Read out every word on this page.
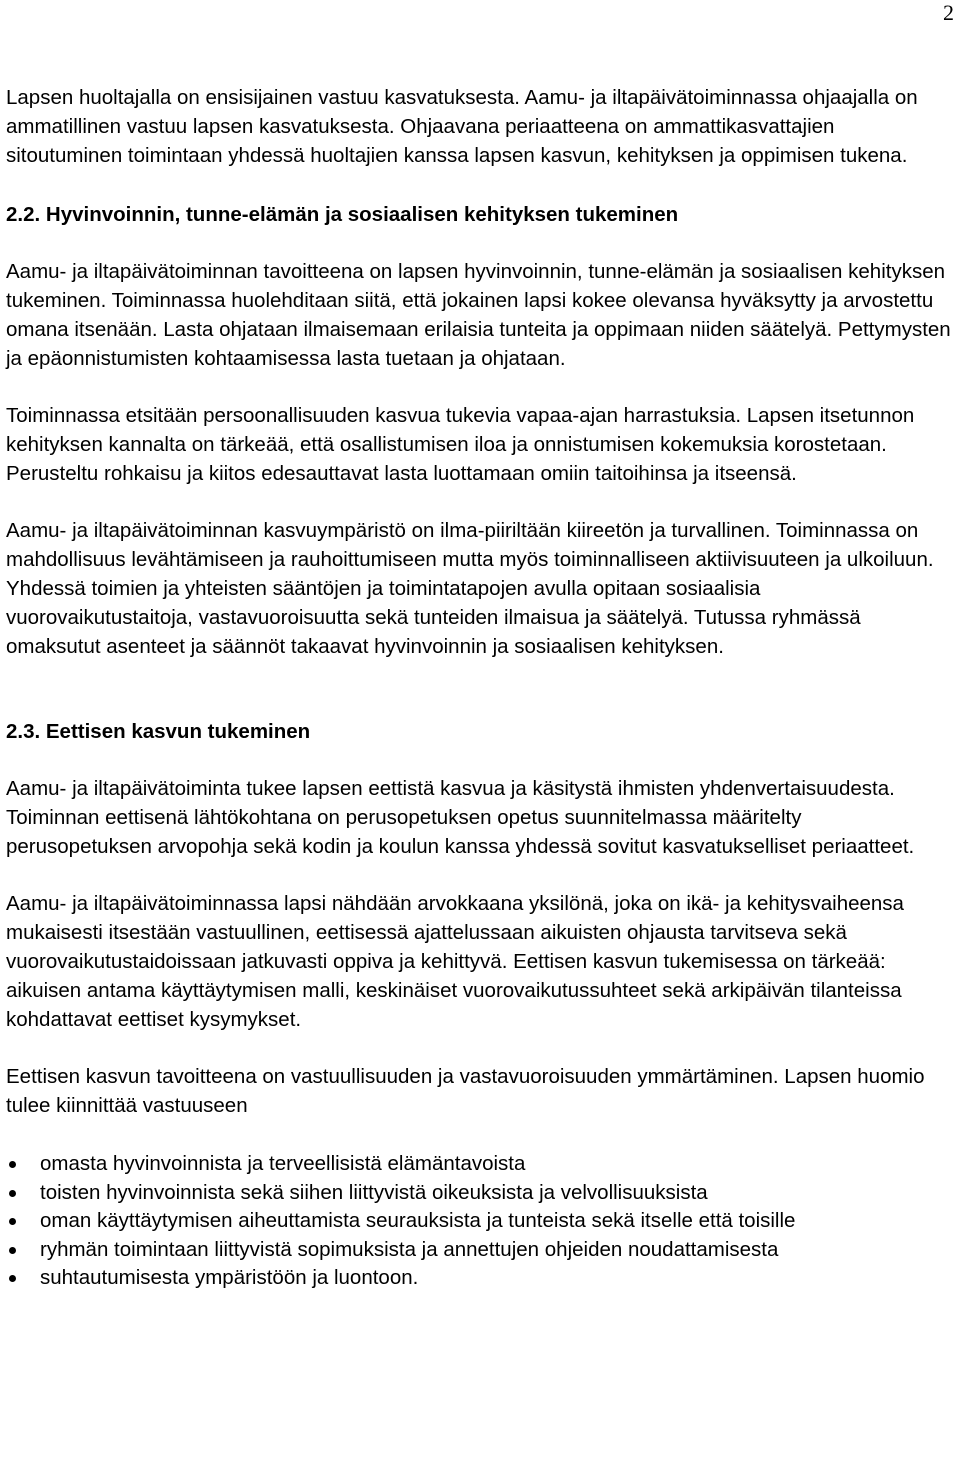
2

Lapsen huoltajalla on ensisijainen vastuu kasvatuksesta. Aamu- ja iltapäivätoiminnassa ohjaajalla on ammatillinen vastuu lapsen kasvatuksesta. Ohjaavana periaatteena on ammattikasvattajien sitoutuminen toimintaan yhdessä huoltajien kanssa lapsen kasvun, kehityksen ja oppimisen tukena.

2.2. Hyvinvoinnin, tunne-elämän ja sosiaalisen kehityksen tukeminen

Aamu- ja iltapäivätoiminnan tavoitteena on lapsen hyvinvoinnin, tunne-elämän ja sosiaalisen kehityksen tukeminen. Toiminnassa huolehditaan siitä, että jokainen lapsi kokee olevansa hyväksytty ja arvostettu omana itsenään. Lasta ohjataan ilmaisemaan erilaisia tunteita ja oppimaan niiden säätelyä. Pettymysten ja epäonnistumisten kohtaamisessa lasta tuetaan ja ohjataan.

Toiminnassa etsitään persoonallisuuden kasvua tukevia vapaa-ajan harrastuksia. Lapsen itsetunnon kehityksen kannalta on tärkeää, että osallistumisen iloa ja onnistumisen kokemuksia korostetaan. Perusteltu rohkaisu ja kiitos edesauttavat lasta luottamaan omiin taitoihinsa ja itseensä.

Aamu- ja iltapäivätoiminnan kasvuympäristö on ilma-piiriltään kiireetön ja turvallinen. Toiminnassa on mahdollisuus levähtämiseen ja rauhoittumiseen mutta myös toiminnalliseen aktiivisuuteen ja ulkoiluun. Yhdessä toimien ja yhteisten sääntöjen ja toimintatapojen avulla opitaan sosiaalisia vuorovaikutustaitoja, vastavuoroisuutta sekä tunteiden ilmaisua ja säätelyä. Tutussa ryhmässä omaksutut asenteet ja säännöt takaavat hyvinvoinnin ja sosiaalisen kehityksen.

2.3. Eettisen kasvun tukeminen

Aamu- ja iltapäivätoiminta tukee lapsen eettistä kasvua ja käsitystä ihmisten yhdenvertaisuudesta. Toiminnan eettisenä lähtökohtana on perusopetuksen opetus suunnitelmassa määritelty perusopetuksen arvopohja sekä kodin ja koulun kanssa yhdessä sovitut kasvatukselliset periaatteet.

Aamu- ja iltapäivätoiminnassa lapsi nähdään arvokkaana yksilönä, joka on ikä- ja kehitysvaiheensa mukaisesti itsestään vastuullinen, eettisessä ajattelussaan aikuisten ohjausta tarvitseva sekä vuorovaikutustaidoissaan jatkuvasti oppiva ja kehittyvä. Eettisen kasvun tukemisessa on tärkeää: aikuisen antama käyttäytymisen malli, keskinäiset vuorovaikutussuhteet sekä arkipäivän tilanteissa kohdattavat eettiset kysymykset.

Eettisen kasvun tavoitteena on vastuullisuuden ja vastavuoroisuuden ymmärtäminen. Lapsen huomio tulee kiinnittää vastuuseen

omasta hyvinvoinnista ja terveellisistä elämäntavoista
toisten hyvinvoinnista sekä siihen liittyvistä oikeuksista ja velvollisuuksista
oman käyttäytymisen aiheuttamista seurauksista ja tunteista sekä itselle että toisille
ryhmän toimintaan liittyvistä sopimuksista ja annettujen ohjeiden noudattamisesta
suhtautumisesta ympäristöön ja luontoon.
